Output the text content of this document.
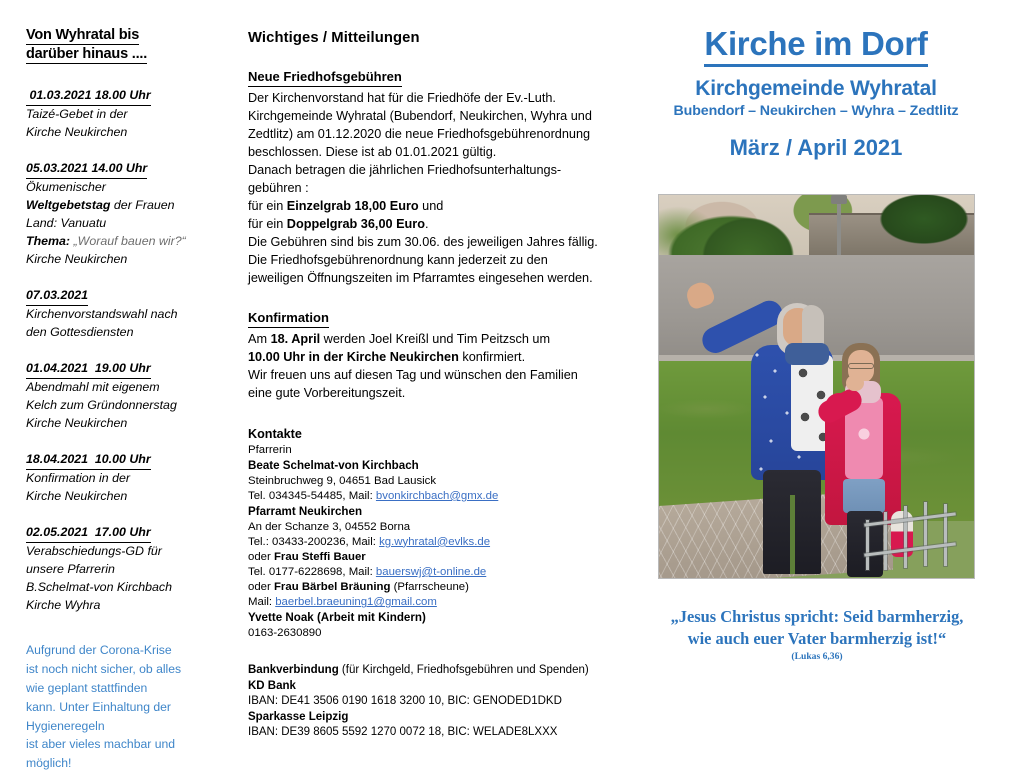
Von Wyhratal bis
darüber hinaus ....
01.03.2021 18.00 Uhr
Taizé-Gebet in der
Kirche Neukirchen
05.03.2021 14.00 Uhr
Ökumenischer
Weltgebetstag der Frauen
Land: Vanuatu
Thema: „Worauf bauen wir?“
Kirche Neukirchen
07.03.2021
Kirchenvorstandswahl nach
den Gottesdiensten
01.04.2021  19.00 Uhr
Abendmahl mit eigenem
Kelch zum Gründonnerstag
Kirche Neukirchen
18.04.2021  10.00 Uhr
Konfirmation in der
Kirche Neukirchen
02.05.2021  17.00 Uhr
Verabschiedungs-GD für
unsere Pfarrerin
B.Schelmat-von Kirchbach
Kirche Wyhra
Aufgrund der Corona-Krise
ist noch nicht sicher, ob alles
wie geplant stattfinden
kann. Unter Einhaltung der
Hygieneregeln
ist aber vieles machbar und
möglich!
Wichtiges / Mitteilungen
Neue Friedhofsgebühren

Der Kirchenvorstand hat für die Friedhöfe der Ev.-Luth.

Kirchgemeinde Wyhratal (Bubendorf, Neukirchen, Wyhra und

Zedtlitz) am 01.12.2020 die neue Friedhofsgebührenordnung

beschlossen. Diese ist ab 01.01.2021 gültig.

Danach betragen die jährlichen Friedhofsunterhaltungs-

gebühren :

für ein Einzelgrab 18,00 Euro und

für ein Doppelgrab 36,00 Euro.

Die Gebühren sind bis zum 30.06. des jeweiligen Jahres fällig.

Die Friedhofsgebührenordnung kann jederzeit zu den

jeweiligen Öffnungszeiten im Pfarramtes eingesehen werden.

Konfirmation

Am 18. April werden Joel Kreißl und Tim Peitzsch um

10.00 Uhr in der Kirche Neukirchen konfirmiert.

Wir freuen uns auf diesen Tag und wünschen den Familien

eine gute Vorbereitungszeit.

Kontakte
Pfarrerin
Beate Schelmat-von Kirchbach
Steinbruchweg 9, 04651 Bad Lausick
Tel. 034345-54485, Mail: bvonkirchbach@gmx.de
Pfarramt Neukirchen
An der Schanze 3, 04552 Borna
Tel.: 03433-200236, Mail: kg.wyhratal@evlks.de
oder Frau Steffi Bauer
Tel. 0177-6228698, Mail: bauerswj@t-online.de
oder Frau Bärbel Bräuning (Pfarrscheune)
Mail: baerbel.braeuning1@gmail.com
Yvette Noak (Arbeit mit Kindern)
0163-2630890
Bankverbindung (für Kirchgeld, Friedhofsgebühren und Spenden)
KD Bank
IBAN: DE41 3506 0190 1618 3200 10, BIC: GENODED1DKD
Sparkasse Leipzig
IBAN: DE39 8605 5592 1270 0072 18, BIC: WELADE8LXXX
Kirche im Dorf
Kirchgemeinde Wyhratal
Bubendorf – Neukirchen – Wyhra – Zedtlitz
März / April 2021
„Jesus Christus spricht: Seid barmherzig,
wie auch euer Vater barmherzig ist!“
(Lukas 6,36)
